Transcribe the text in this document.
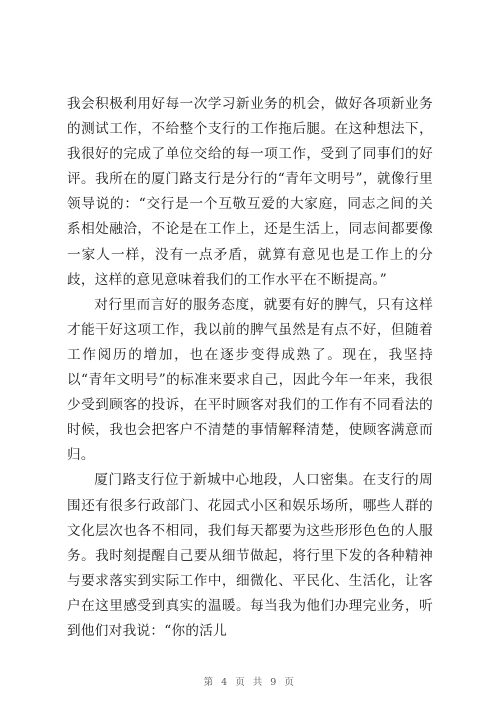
我会积极利用好每一次学习新业务的机会，做好各项新业务的测试工作，不给整个支行的工作拖后腿。在这种想法下，我很好的完成了单位交给的每一项工作，受到了同事们的好评。我所在的厦门路支行是分行的“青年文明号”，就像行里领导说的：“交行是一个互敬互爱的大家庭，同志之间的关系相处融洽，不论是在工作上，还是生活上，同志间都要像一家人一样，没有一点矛盾，就算有意见也是工作上的分歧，这样的意见意味着我们的工作水平在不断提高。”

对行里而言好的服务态度，就要有好的脾气，只有这样才能干好这项工作，我以前的脾气虽然是有点不好，但随着工作阅历的增加，也在逐步变得成熟了。现在，我坚持以“青年文明号”的标准来要求自己，因此今年一年来，我很少受到顾客的投诉，在平时顾客对我们的工作有不同看法的时候，我也会把客户不清楚的事情解释清楚，使顾客满意而归。

厦门路支行位于新城中心地段，人口密集。在支行的周围还有很多行政部门、花园式小区和娱乐场所，哪些人群的文化层次也各不相同，我们每天都要为这些形形色色的人服务。我时刻提醒自己要从细节做起，将行里下发的各种精神与要求落实到实际工作中，细微化、平民化、生活化，让客户在这里感受到真实的温暖。每当我为他们办理完业务，听到他们对我说：“你的活儿

第 4 页 共 9 页
